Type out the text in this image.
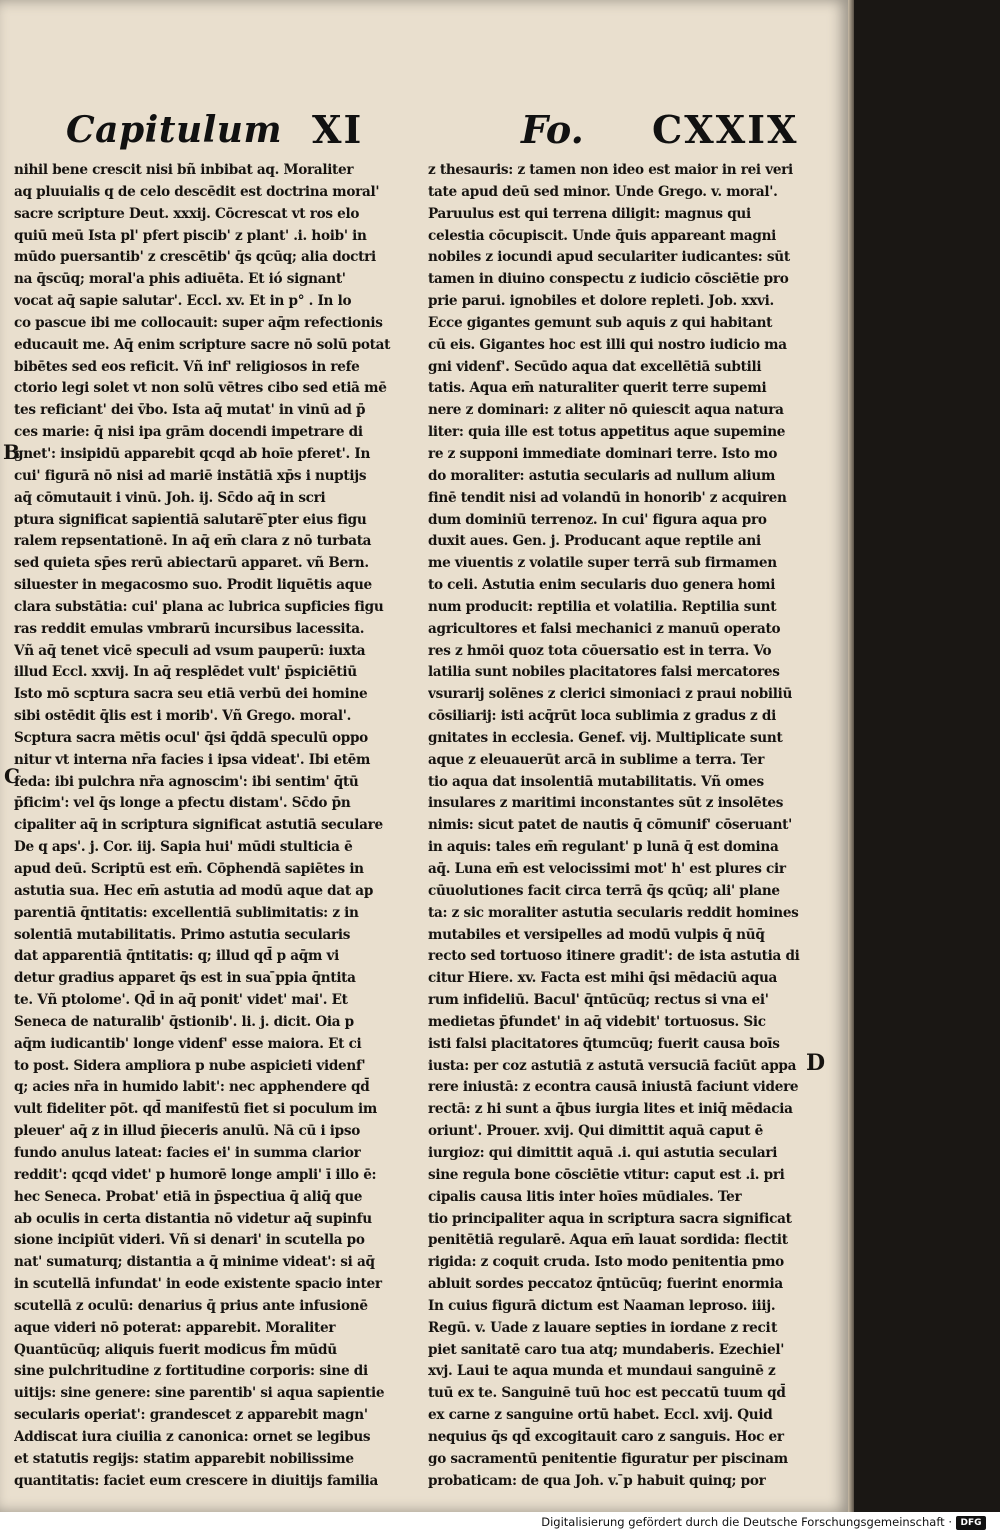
Capitulum XI	Fo. CXXIX
nihil bene crescit nisi bñ inbibat aq. Moraliter
aq pluuialis q de celo descēdit est doctrina moral'
sacre scripture Deut. xxxij. Cōcrescat vt ros elo
quiū meū Ista pl' pfert piscib' z plant' .i. hoib' in
mūdo puersantib' z crescētib' q̄s qcūq; alia doctri
na q̄scūq; moral'a phis adiuēta. Et ió signant'
vocat aq̄ sapie salutar'. Eccl. xv. Et in p° . In lo
co pascue ibi me collocauit: super aq̄m refectionis
educauit me. Aq̄ enim scripture sacre nō solū potat
bibētes sed eos reficit. Vñ inf' religiosos in refe
ctorio legi solet vt non solū vētres cibo sed etiā mē
tes reficiant' dei v̄bo. Ista aq̄ mutat' in vinū ad p̄
ces marie: q̄ nisi ipa grām docendi impetrare di
gnet': insipidū apparebit qcqd ab hoīe pferet'. In
cui' figurā nō nisi ad mariē instātiā xp̄s i nuptijs
aq̄ cōmutauit i vinū. Joh. ij. Sc̄do aq̄ in scri
ptura significat sapientiā salutarē ̄pter eius figu
ralem repsentationē. In aq̄ em̄ clara z nō turbata
sed quieta sp̄es rerū abiectarū apparet. vñ Bern.
siluester in megacosmo suo. Prodit liquētis aque
clara substātia: cui' plana ac lubrica supficies figu
ras reddit emulas vmbrarū incursibus lacessita.
Vñ aq̄ tenet vicē speculi ad vsum pauperū: iuxta
illud Eccl. xxvij. In aq̄ resplēdet vult' p̄spiciētiū
Isto mō scptura sacra seu etiā verbū dei homine
sibi ostēdit q̄lis est i morib'. Vñ Grego. moral'.
Scptura sacra mētis ocul' q̄si q̄ddā speculū oppo
nitur vt interna nr̄a facies i ipsa videat'. Ibi etēm
feda: ibi pulchra nr̄a agnoscim': ibi sentim' q̄tū
p̄ficim': vel q̄s longe a pfectu distam'. Sc̄do p̄n
cipaliter aq̄ in scriptura significat astutiā seculare
De q aps'. j. Cor. iij. Sapia hui' mūdi stulticia ē
apud deū. Scriptū est em̄. Cōphendā sapiētes in
astutia sua. Hec em̄ astutia ad modū aque dat ap
parentiā q̄ntitatis: excellentiā sublimitatis: z in
solentiā mutabilitatis. Primo astutia secularis
dat apparentiā q̄ntitatis: q; illud qd̄ p aq̄m vi
detur gradius apparet q̄s est in sua ̄ppia q̄ntita
te. Vñ ptolome'. Qd̄ in aq̄ ponit' videt' mai'. Et
Seneca de naturalib' q̄stionib'. li. j. dicit. Oia p
aq̄m iudicantib' longe videnf' esse maiora. Et ci
to post. Sidera ampliora p nube aspicieti videnf'
q; acies nr̄a in humido labit': nec apphendere qd̄
vult fideliter pōt. qd̄ manifestū fiet si poculum im
pleuer' aq̄ z in illud p̄ieceris anulū. Nā cū i ipso
fundo anulus lateat: facies ei' in summa clarior
reddit': qcqd videt' p humorē longe ampli' ī illo ē:
hec Seneca. Probat' etiā in p̄spectiua q̄ aliq̄ que
ab oculis in certa distantia nō videtur aq̄ supinfu
sione incipiūt videri. Vñ si denari' in scutella po
nat' sumaturq; distantia a q̄ minime videat': si aq̄
in scutellā infundat' in eode existente spacio inter
scutellā z oculū: denarius q̄ prius ante infusionē
aque videri nō poterat: apparebit. Moraliter
Quantūcūq; aliquis fuerit modicus f̄m mūdū
sine pulchritudine z fortitudine corporis: sine di
uitijs: sine genere: sine parentib' si aqua sapientie
secularis operiat': grandescet z apparebit magn'
Addiscat iura ciuilia z canonica: ornet se legibus
et statutis regijs: statim apparebit nobilissime
quantitatis: faciet eum crescere in diuitijs familia
z thesauris: z tamen non ideo est maior in rei veri
tate apud deū sed minor. Unde Grego. v. moral'.
Paruulus est qui terrena diligit: magnus qui
celestia cōcupiscit. Unde q̄uis appareant magni
nobiles z iocundi apud seculariter iudicantes: sūt
tamen in diuino conspectu z iudicio cōsciētie pro
prie parui. ignobiles et dolore repleti. Job. xxvi.
Ecce gigantes gemunt sub aquis z qui habitant
cū eis. Gigantes hoc est illi qui nostro iudicio ma
gni videnf'. Secūdo aqua dat excellētiā subtili
tatis. Aqua em̄ naturaliter querit terre supemi
nere z dominari: z aliter nō quiescit aqua natura
liter: quia ille est totus appetitus aque supemine
re z supponi immediate dominari terre. Isto mo
do moraliter: astutia secularis ad nullum alium
finē tendit nisi ad volandū in honorib' z acquiren
dum dominiū terrenoz. In cui' figura aqua pro
duxit aues. Gen. j. Producant aque reptile ani
me viuentis z volatile super terrā sub firmamen
to celi. Astutia enim secularis duo genera homi
num producit: reptilia et volatilia. Reptilia sunt
agricultores et falsi mechanici z manuū operato
res z hmōi quoz tota cōuersatio est in terra. Vo
latilia sunt nobiles placitatores falsi mercatores
vsurarij solēnes z clerici simoniaci z praui nobiliū
cōsiliarij: isti acq̄rūt loca sublimia z gradus z di
gnitates in ecclesia. Genef. vij. Multiplicate sunt
aque z eleuauerūt arcā in sublime a terra. Ter
tio aqua dat insolentiā mutabilitatis. Vñ omes
insulares z maritimi inconstantes sūt z insolētes
nimis: sicut patet de nautis q̄ cōmunif' cōseruant'
in aquis: tales em̄ regulant' p lunā q̄ est domina
aq̄. Luna em̄ est velocissimi mot' h' est plures cir
cūuolutiones facit circa terrā q̄s qcūq; ali' plane
ta: z sic moraliter astutia secularis reddit homines
mutabiles et versipelles ad modū vulpis q̄ nūq̄
recto sed tortuoso itinere gradit': de ista astutia di
citur Hiere. xv. Facta est mihi q̄si mēdaciū aqua
rum infideliū. Bacul' q̄ntūcūq; rectus si vna ei'
medietas p̄fundet' in aq̄ videbit' tortuosus. Sic
isti falsi placitatores q̄tumcūq; fuerit causa boīs
iusta: per coz astutiā z astutā versuciā faciūt appa
rere iniustā: z econtra causā iniustā faciunt videre
rectā: z hi sunt a q̄bus iurgia lites et iniq̄ mēdacia
oriunt'. Prouer. xvij. Qui dimittit aquā caput ē
iurgioz: qui dimittit aquā .i. qui astutia seculari
sine regula bone cōsciētie vtitur: caput est .i. pri
cipalis causa litis inter hoīes mūdiales. Ter
tio principaliter aqua in scriptura sacra significat
penitētiā regularē. Aqua em̄ lauat sordida: flectit
rigida: z coquit cruda. Isto modo penitentia pmo
abluit sordes peccatoz q̄ntūcūq; fuerint enormia
In cuius figurā dictum est Naaman leproso. iiij.
Regū. v. Uade z lauare septies in iordane z reci
piet sanitatē caro tua atq; mundaberis. Ezechiel'
xvj. Laui te aqua munda et mundaui sanguinē z
tuū ex te. Sanguinē tuū hoc est peccatū tuum qd̄
ex carne z sanguine ortū habet. Eccl. xvij. Quid
nequius q̄s qd̄ excogitauit caro z sanguis. Hoc er
go sacramentū penitentie figuratur per piscinam
probaticam: de qua Joh. v. ̄p habuit quinq; por
B
C
D
t
Digitalisierung gefördert durch die Deutsche Forschungsgemeinschaft · DFG
